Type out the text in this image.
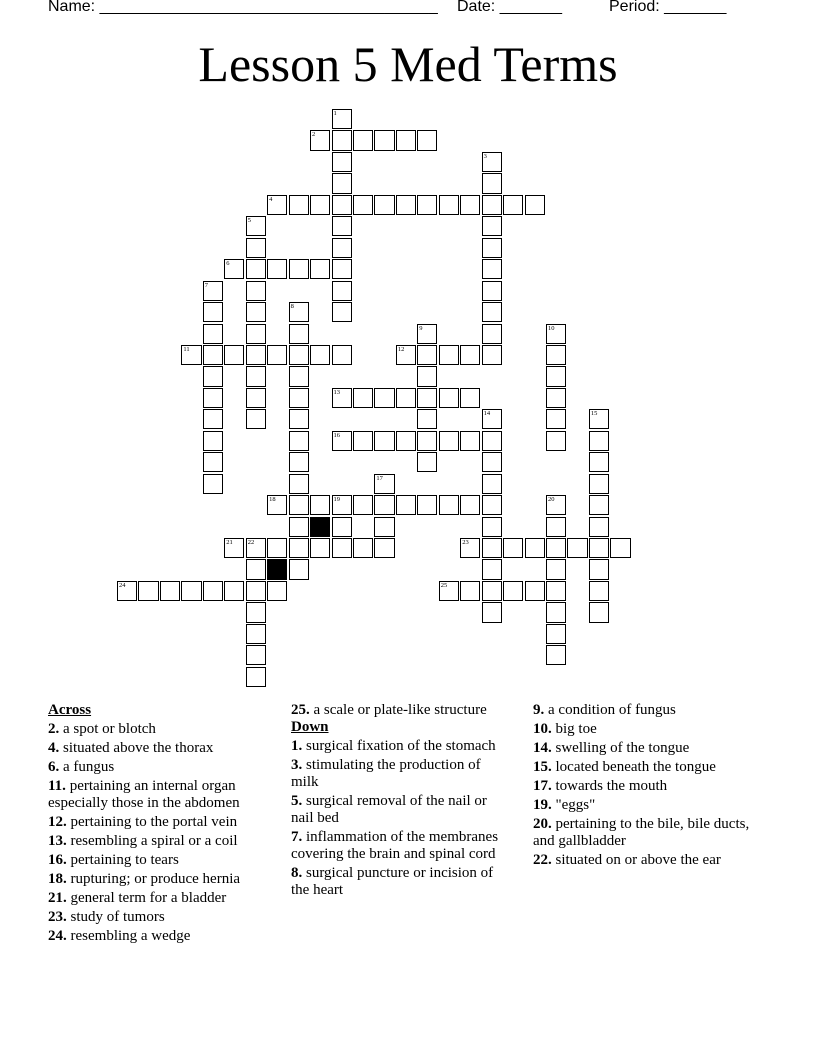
Name: ______________________________________ Date: _______	Period: _______
Lesson 5 Med Terms
2
4
6
11	12
13
16
18	19
21 22	23
24	25
1
3
5
7
8
9	10
14	15
17
20
Across
2. a spot or blotch
4. situated above the thorax
6. a fungus
11. pertaining an internal organ especially those in the abdomen
12. pertaining to the portal vein
13. resembling a spiral or a coil
16. pertaining to tears
18. rupturing; or produce hernia
21. general term for a bladder
23. study of tumors
24. resembling a wedge
25. a scale or plate-like structure
Down
1. surgical fixation of the stomach
3. stimulating the production of milk
5. surgical removal of the nail or nail bed
7. inflammation of the membranes covering the brain and spinal cord
8. surgical puncture or incision of the heart
9. a condition of fungus
10. big toe
14. swelling of the tongue
15. located beneath the tongue
17. towards the mouth
19. "eggs"
20. pertaining to the bile, bile ducts, and gallbladder
22. situated on or above the ear
